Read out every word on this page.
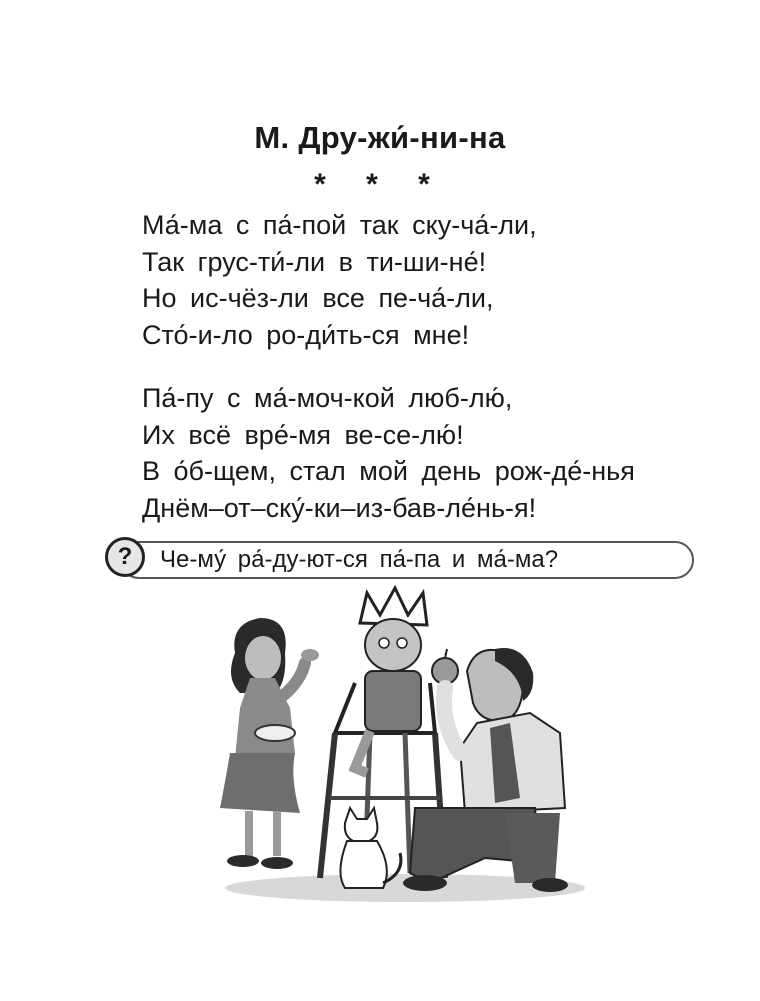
М. Дру-жи́-ни-на
* * *
Ма́-ма с па́-пой так ску-ча́-ли,
Так грус-ти́-ли в ти-ши-не́!
Но ис-чёз-ли все пе-ча́-ли,
Сто́-и-ло ро-ди́ть-ся мне!
Па́-пу с ма́-моч-кой люб-лю́,
Их всё вре́-мя ве-се-лю́!
В о́б-щем, стал мой день рож-де́-нья
Днём–от–ску́-ки–из-бав-ле́нь-я!
?	Че-му́ ра́-ду-ют-ся па́-па и ма́-ма?
